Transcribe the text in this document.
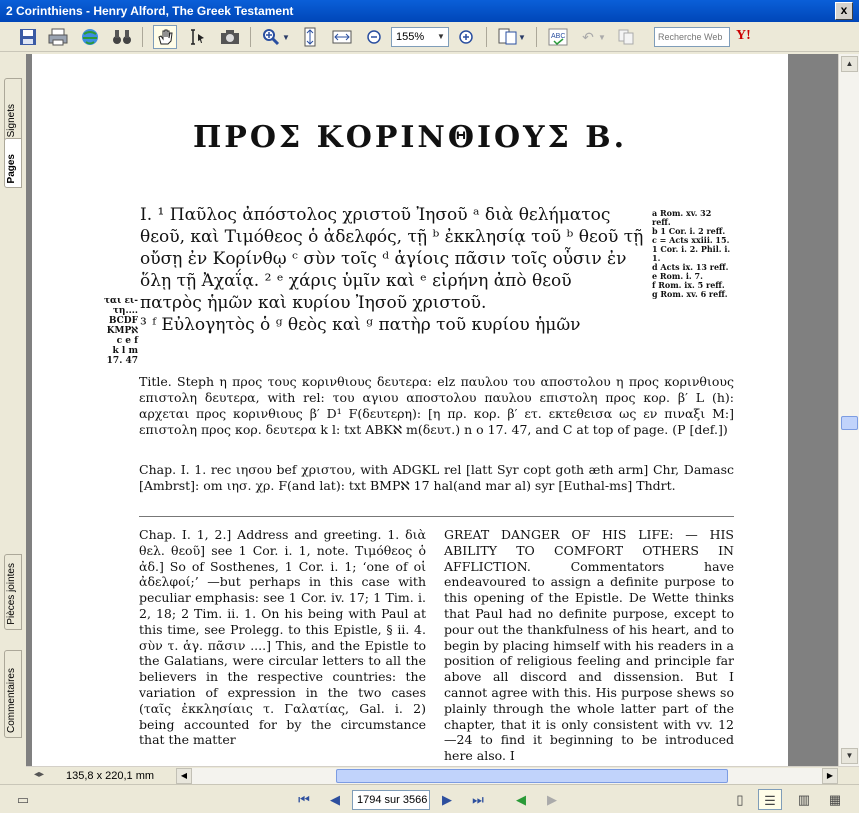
2 Corinthiens - Henry Alford, The Greek Testament	x
▼	155% ▼	▼	ABC	↶ ▼	Recherche Web Y!
Signets
Pages
Pièces jointes
Commentaires
ΠΡΟΣ ΚΟΡΙΝΘΙΟΥΣ Β.
Ι. ¹ Παῦλος ἀπόστολος χριστοῦ Ἰησοῦ ᵃ διὰ θελήματος
θεοῦ, καὶ Τιμόθεος ὁ ἀδελφός, τῇ ᵇ ἐκκλησίᾳ τοῦ ᵇ θεοῦ τῇ
οὔσῃ ἐν Κορίνθῳ ᶜ σὺν τοῖς ᵈ ἁγίοις πᾶσιν τοῖς οὖσιν ἐν
ὅλῃ τῇ Ἀχαΐᾳ. ² ᵉ χάρις ὑμῖν καὶ ᵉ εἰρήνη ἀπὸ θεοῦ
πατρὸς ἡμῶν καὶ κυρίου Ἰησοῦ χριστοῦ.
³ ᶠ Εὐλογητὸς ὁ ᵍ θεὸς καὶ ᵍ πατὴρ τοῦ κυρίου ἡμῶν
a Rom. xv. 32 reff.
b 1 Cor. i. 2 reff.
c = Acts xxiii. 15. 1 Cor. i. 2. Phil. i. 1.
d Acts ix. 13 reff.
e Rom. i. 7.
f Rom. ix. 5 reff.
g Rom. xv. 6 reff.
ται ει-
τη....
BCDF
ΚΜΡℵ
c e f
k l m
17. 47
Title. Steph η προς τους κορινθιους δευτερα: elz παυλου του αποστολου η προς κορινθιους επιστολη δευτερα, with rel: του αγιου αποστολου παυλου επιστολη προς κορ. β′ L (h): αρχεται προς κορινθιους β′ D¹ F(δευτερη): [η πρ. κορ. β′ ετ. εκτεθεισα ως εν πιναξι M:] επιστολη προς κορ. δευτερα k l: txt ABKℵ m(δευτ.) n o 17. 47, and C at top of page. (P [def.])
Chap. I. 1. rec ιησου bef χριστου, with ADGKL rel [latt Syr copt goth æth arm] Chr, Damasc [Ambrst]: om ιησ. χρ. F(and lat): txt BMPℵ 17 hal(and mar al) syr [Euthal-ms] Thdrt.
Chap. I. 1, 2.] Address and greeting. 1. διὰ θελ. θεοῦ] see 1 Cor. i. 1, note. Τιμόθεος ὁ ἀδ.] So of Sosthenes, 1 Cor. i. 1; ‘one of οἱ ἀδελφοί;’ —but perhaps in this case with peculiar emphasis: see 1 Cor. iv. 17; 1 Tim. i. 2, 18; 2 Tim. ii. 1. On his being with Paul at this time, see Prolegg. to this Epistle, § ii. 4. σὺν τ. ἁγ. πᾶσιν ....] This, and the Epistle to the Galatians, were circular letters to all the believers in the respective countries: the variation of expression in the two cases (ταῖς ἐκκλησίαις τ. Γαλατίας, Gal. i. 2) being accounted for by the circumstance that the matter
GREAT DANGER OF HIS LIFE: — HIS ABILITY TO COMFORT OTHERS IN AFFLICTION. Commentators have endeavoured to assign a definite purpose to this opening of the Epistle. De Wette thinks that Paul had no definite purpose, except to pour out the thankfulness of his heart, and to begin by placing himself with his readers in a position of religious feeling and principle far above all discord and dissension. But I cannot agree with this. His purpose shews so plainly through the whole latter part of the chapter, that it is only consistent with vv. 12—24 to find it beginning to be introduced here also. I
▲
▼
◂▸ 135,8 x 220,1 mm	◀	▶
▭	⏮	◀	1794 sur 3566	▶	⏭	◀	▶	▯	☰	▥	▦
